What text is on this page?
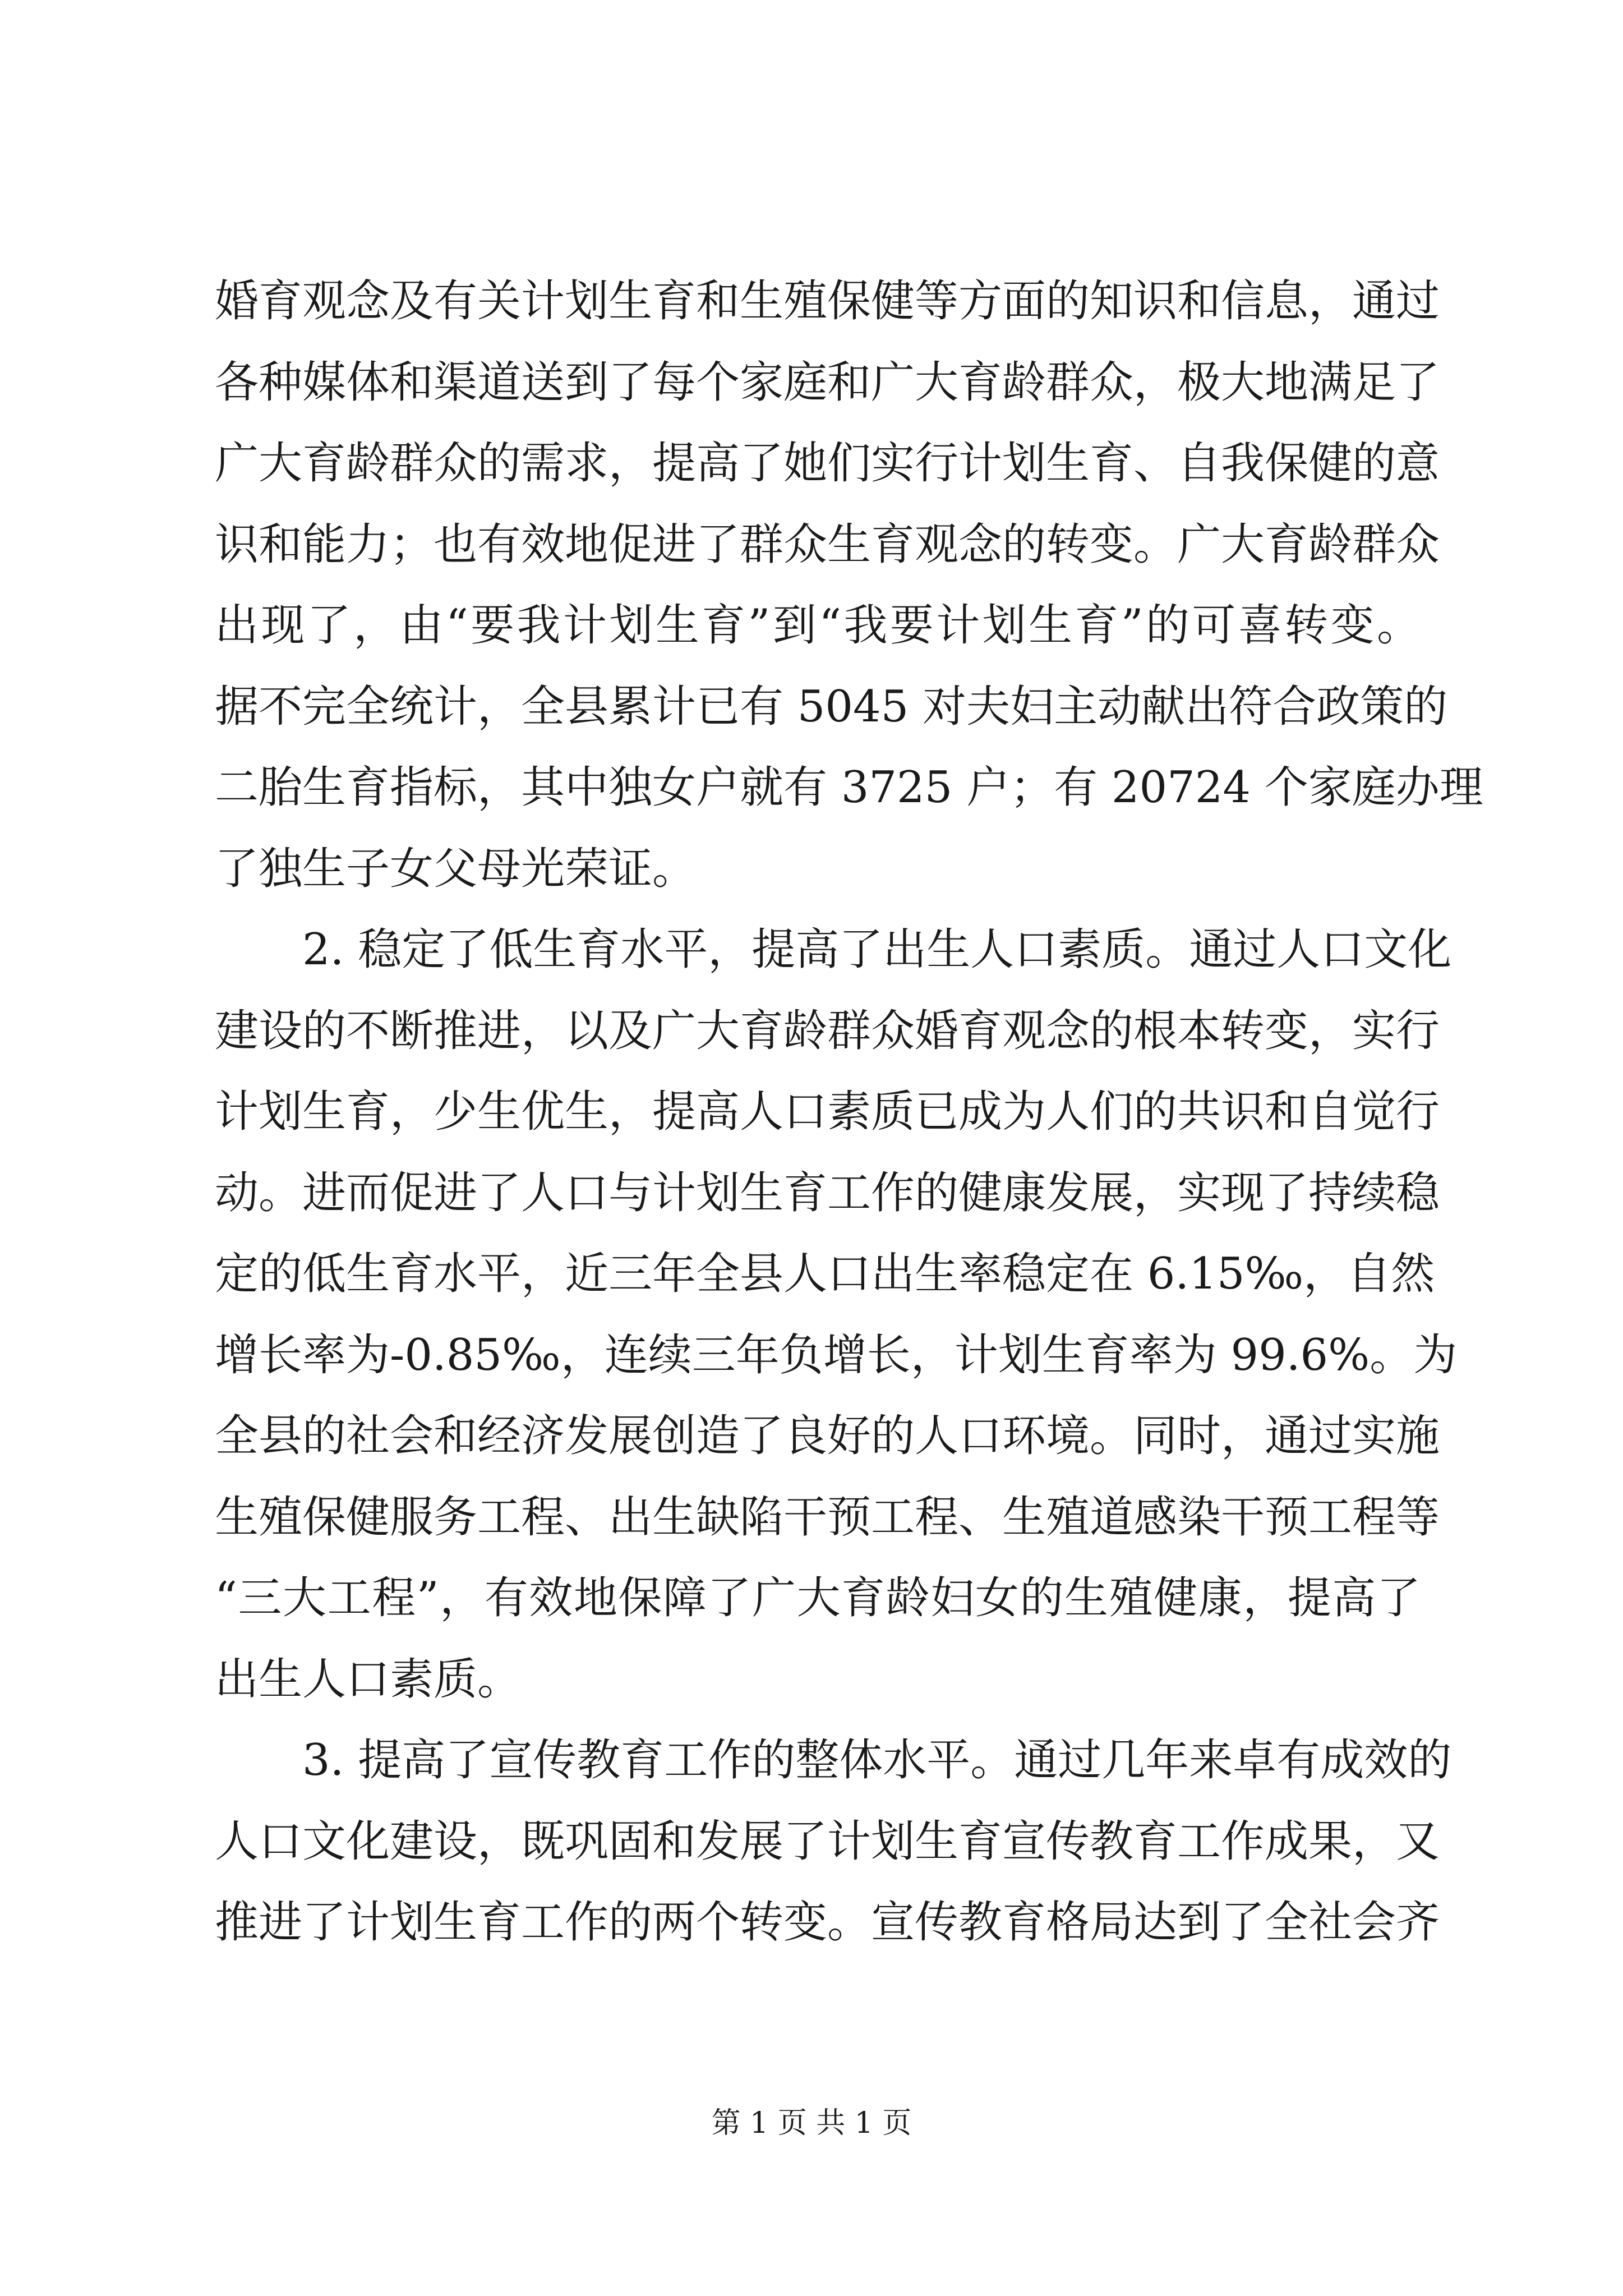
婚育观念及有关计划生育和生殖保健等方面的知识和信息，通过
各种媒体和渠道送到了每个家庭和广大育龄群众，极大地满足了
广大育龄群众的需求，提高了她们实行计划生育、自我保健的意
识和能力；也有效地促进了群众生育观念的转变。广大育龄群众
出现了，由“要我计划生育”到“我要计划生育”的可喜转变。
据不完全统计，全县累计已有 5045 对夫妇主动献出符合政策的
二胎生育指标，其中独女户就有 3725 户；有 20724 个家庭办理
了独生子女父母光荣证。
2. 稳定了低生育水平，提高了出生人口素质。通过人口文化
建设的不断推进，以及广大育龄群众婚育观念的根本转变，实行
计划生育，少生优生，提高人口素质已成为人们的共识和自觉行
动。进而促进了人口与计划生育工作的健康发展，实现了持续稳
定的低生育水平，近三年全县人口出生率稳定在 6.15‰，自然
增长率为-0.85‰，连续三年负增长，计划生育率为 99.6%。为
全县的社会和经济发展创造了良好的人口环境。同时，通过实施
生殖保健服务工程、出生缺陷干预工程、生殖道感染干预工程等
“三大工程”，有效地保障了广大育龄妇女的生殖健康，提高了
出生人口素质。
3. 提高了宣传教育工作的整体水平。通过几年来卓有成效的
人口文化建设，既巩固和发展了计划生育宣传教育工作成果，又
推进了计划生育工作的两个转变。宣传教育格局达到了全社会齐
第 1 页 共 1 页
